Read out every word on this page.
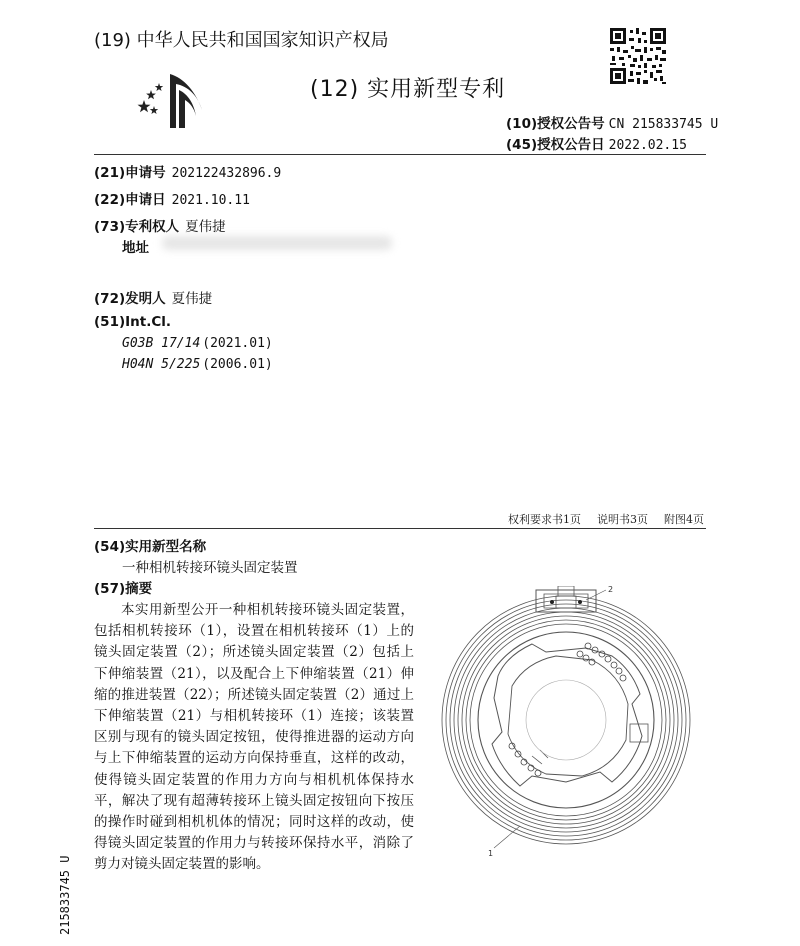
(19) 中华人民共和国国家知识产权局
(12) 实用新型专利
(10)授权公告号 CN 215833745 U
(45)授权公告日 2022.02.15
(21)申请号 202122432896.9
(22)申请日 2021.10.11
(73)专利权人 夏伟捷
地址
(72)发明人 夏伟捷
(51)Int.Cl.
G03B 17/14 (2021.01)
H04N 5/225 (2006.01)
权利要求书1页 说明书3页 附图4页
(54)实用新型名称
一种相机转接环镜头固定装置
(57)摘要
本实用新型公开一种相机转接环镜头固定装置，包括相机转接环（1），设置在相机转接环（1）上的镜头固定装置（2）；所述镜头固定装置（2）包括上下伸缩装置（21），以及配合上下伸缩装置（21）伸缩的推进装置（22）；所述镜头固定装置（2）通过上下伸缩装置（21）与相机转接环（1）连接；该装置区别与现有的镜头固定按钮，使得推进器的运动方向与上下伸缩装置的运动方向保持垂直，这样的改动，使得镜头固定装置的作用力方向与相机机体保持水平，解决了现有超薄转接环上镜头固定按钮向下按压的操作时碰到相机机体的情况；同时这样的改动，使得镜头固定装置的作用力与转接环保持水平，消除了剪力对镜头固定装置的影响。
2
1
215833745 U
